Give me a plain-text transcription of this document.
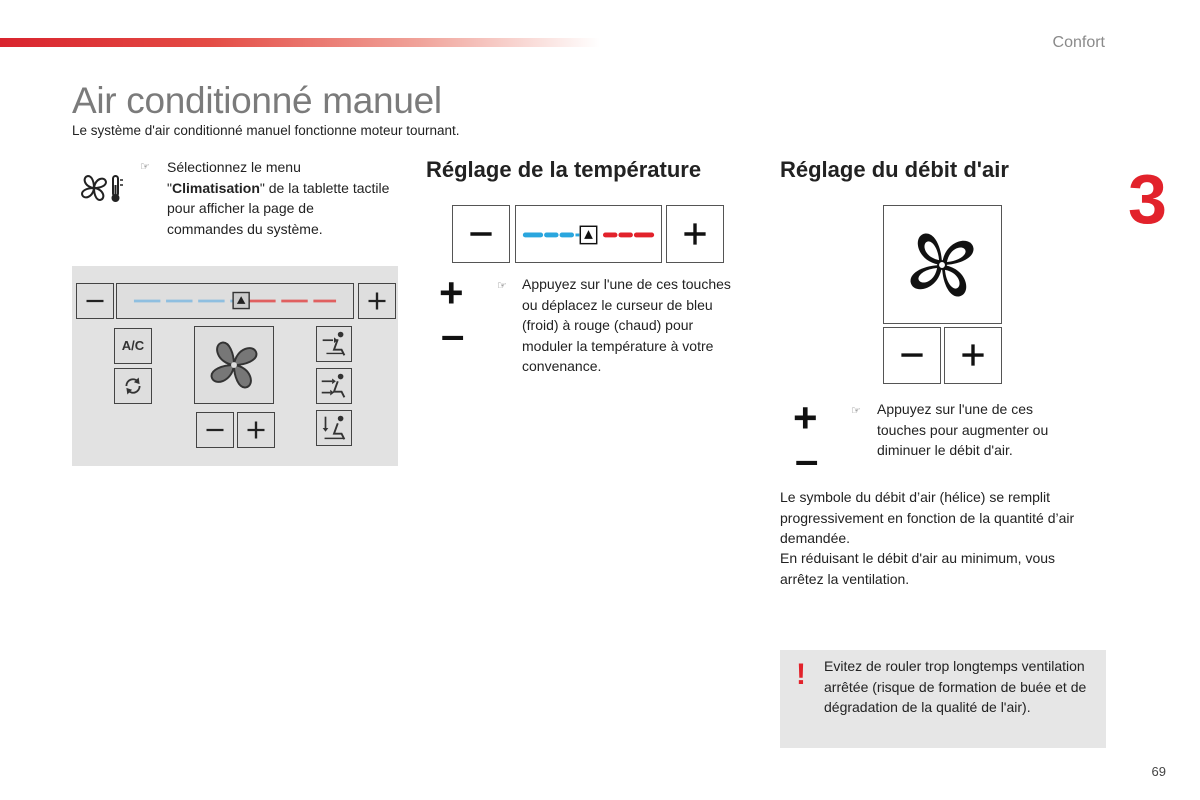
Confort
3
Air conditionné manuel
Le système d'air conditionné manuel fonctionne moteur tournant.
☞ Sélectionnez le menu "Climatisation" de la tablette tactile pour afficher la page de commandes du système.
A/C
Réglage de la température
+
–
☞ Appuyez sur l'une de ces touches ou déplacez le curseur de bleu (froid) à rouge (chaud) pour moduler la température à votre convenance.
Réglage du débit d'air
+
–
☞ Appuyez sur l'une de ces touches pour augmenter ou diminuer le débit d'air.
Le symbole du débit d’air (hélice) se remplit progressivement en fonction de la quantité d’air demandée.
En réduisant le débit d'air au minimum, vous arrêtez la ventilation.
! Evitez de rouler trop longtemps ventilation arrêtée (risque de formation de buée et de dégradation de la qualité de l'air).
69
